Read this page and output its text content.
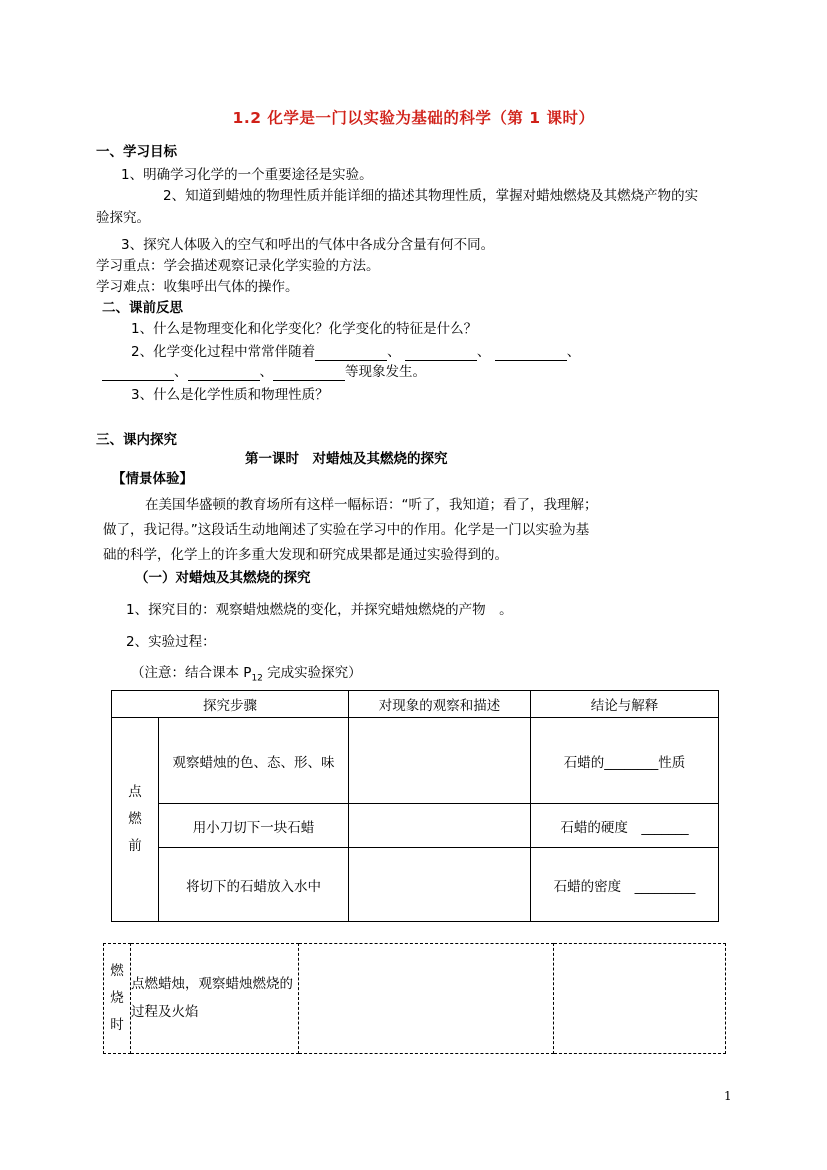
1.2 化学是一门以实验为基础的科学（第 1 课时）
一、学习目标
1、明确学习化学的一个重要途径是实验。
2、知道到蜡烛的物理性质并能详细的描述其物理性质，掌握对蜡烛燃烧及其燃烧产物的实
验探究。
3、探究人体吸入的空气和呼出的气体中各成分含量有何不同。
学习重点：学会描述观察记录化学实验的方法。
学习难点：收集呼出气体的操作。
二、课前反思
1、什么是物理变化和化学变化？化学变化的特征是什么？
2、化学变化过程中常常伴随着	、	、	、
、	、	等现象发生。
3、什么是化学性质和物理性质？
三、课内探究
第一课时　对蜡烛及其燃烧的探究
【情景体验】
在美国华盛顿的教育场所有这样一幅标语：“听了，我知道；看了，我理解；
做了，我记得。”这段话生动地阐述了实验在学习中的作用。化学是一门以实验为基
础的科学，化学上的许多重大发现和研究成果都是通过实验得到的。
（一）对蜡烛及其燃烧的探究
1、探究目的：观察蜡烛燃烧的变化，并探究蜡烛燃烧的产物　。
2、实验过程：
（注意：结合课本 $P_{12}$ 完成实验探究）
探究步骤		对现象的观察和描述	结论与解释
点
燃
前	观察蜡烛的色、态、形、味		石蜡的________性质
	用小刀切下一块石蜡		石蜡的硬度　_______
	将切下的石蜡放入水中		石蜡的密度　_________
燃
烧
时	点燃蜡烛，观察蜡烛燃烧的过程及火焰		
1
